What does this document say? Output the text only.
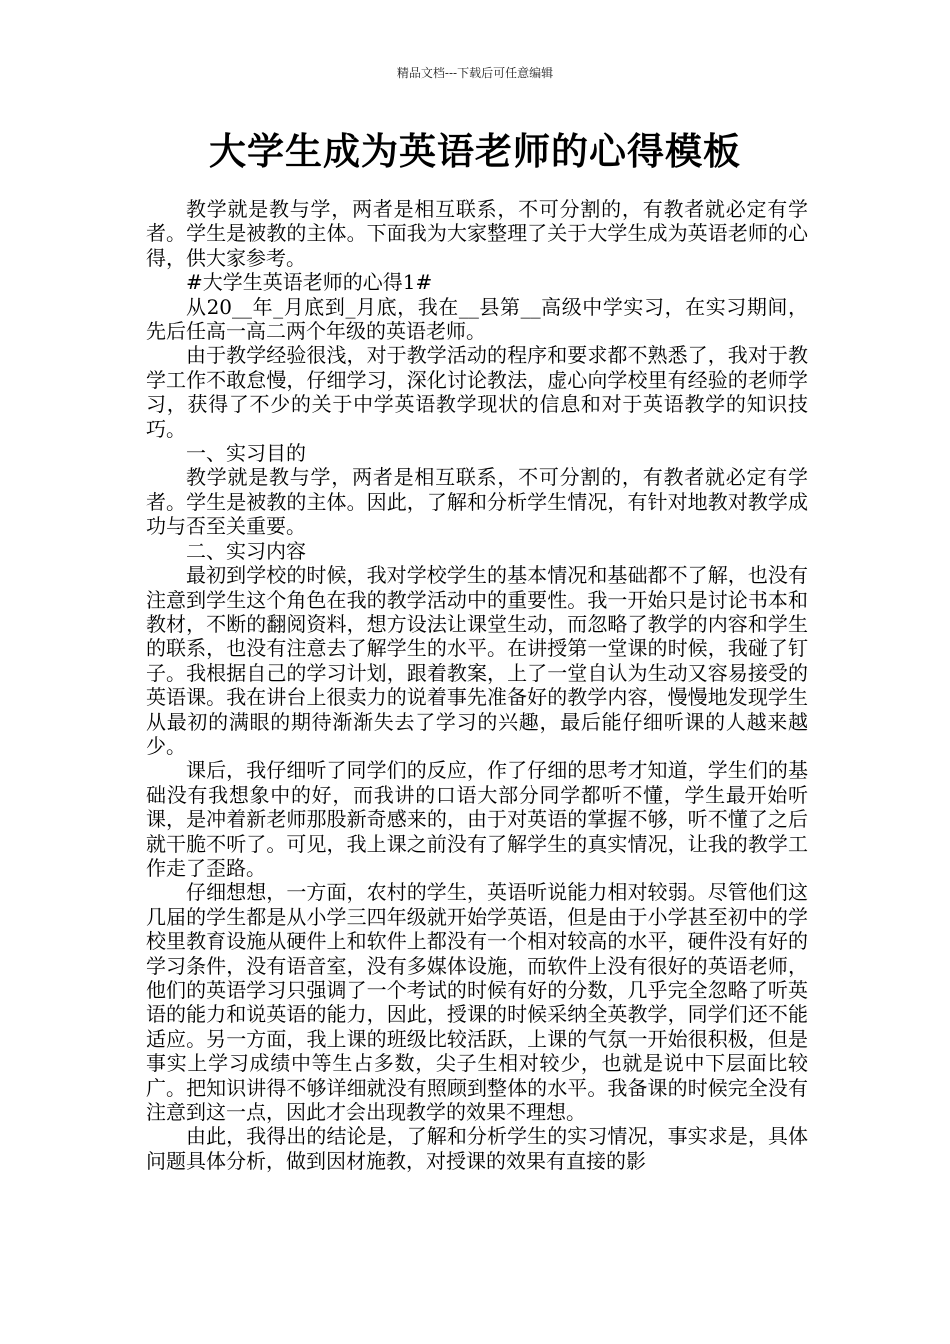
精品文档---下载后可任意编辑
大学生成为英语老师的心得模板

教学就是教与学，两者是相互联系，不可分割的，有教者就必定有学者。学生是被教的主体。下面我为大家整理了关于大学生成为英语老师的心得，供大家参考。

#大学生英语老师的心得1#

从20__年_月底到_月底，我在__县第__高级中学实习，在实习期间，先后任高一高二两个年级的英语老师。

由于教学经验很浅，对于教学活动的程序和要求都不熟悉了，我对于教学工作不敢怠慢，仔细学习，深化讨论教法，虚心向学校里有经验的老师学习，获得了不少的关于中学英语教学现状的信息和对于英语教学的知识技巧。

一、实习目的

教学就是教与学，两者是相互联系，不可分割的，有教者就必定有学者。学生是被教的主体。因此，了解和分析学生情况，有针对地教对教学成功与否至关重要。

二、实习内容

最初到学校的时候，我对学校学生的基本情况和基础都不了解，也没有注意到学生这个角色在我的教学活动中的重要性。我一开始只是讨论书本和教材，不断的翻阅资料，想方设法让课堂生动，而忽略了教学的内容和学生的联系，也没有注意去了解学生的水平。在讲授第一堂课的时候，我碰了钉子。我根据自己的学习计划，跟着教案，上了一堂自认为生动又容易接受的英语课。我在讲台上很卖力的说着事先准备好的教学内容，慢慢地发现学生从最初的满眼的期待渐渐失去了学习的兴趣，最后能仔细听课的人越来越少。

课后，我仔细听了同学们的反应，作了仔细的思考才知道，学生们的基础没有我想象中的好，而我讲的口语大部分同学都听不懂，学生最开始听课，是冲着新老师那股新奇感来的，由于对英语的掌握不够，听不懂了之后就干脆不听了。可见，我上课之前没有了解学生的真实情况，让我的教学工作走了歪路。

仔细想想，一方面，农村的学生，英语听说能力相对较弱。尽管他们这几届的学生都是从小学三四年级就开始学英语，但是由于小学甚至初中的学校里教育设施从硬件上和软件上都没有一个相对较高的水平，硬件没有好的学习条件，没有语音室，没有多媒体设施，而软件上没有很好的英语老师，他们的英语学习只强调了一个考试的时候有好的分数，几乎完全忽略了听英语的能力和说英语的能力，因此，授课的时候采纳全英教学，同学们还不能适应。另一方面，我上课的班级比较活跃，上课的气氛一开始很积极，但是事实上学习成绩中等生占多数，尖子生相对较少，也就是说中下层面比较广。把知识讲得不够详细就没有照顾到整体的水平。我备课的时候完全没有注意到这一点，因此才会出现教学的效果不理想。

由此，我得出的结论是，了解和分析学生的实习情况，事实求是，具体问题具体分析，做到因材施教，对授课的效果有直接的影
